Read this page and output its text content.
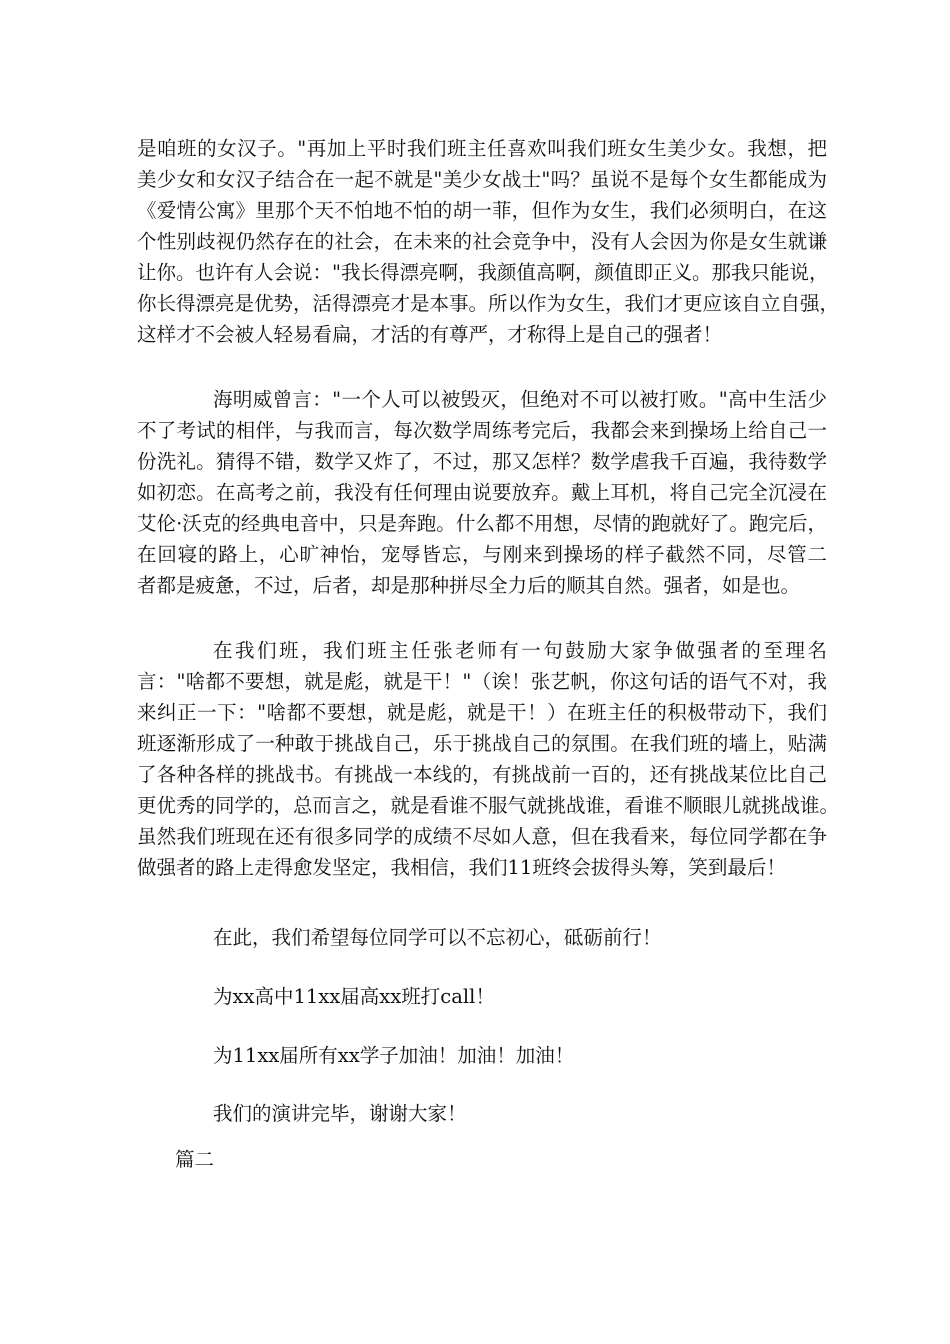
是咱班的女汉子。"再加上平时我们班主任喜欢叫我们班女生美少女。我想，把
美少女和女汉子结合在一起不就是"美少女战士"吗？虽说不是每个女生都能成为
《爱情公寓》里那个天不怕地不怕的胡一菲，但作为女生，我们必须明白，在这
个性别歧视仍然存在的社会，在未来的社会竞争中，没有人会因为你是女生就谦
让你。也许有人会说："我长得漂亮啊，我颜值高啊，颜值即正义。那我只能说，
你长得漂亮是优势，活得漂亮才是本事。所以作为女生，我们才更应该自立自强，
这样才不会被人轻易看扁，才活的有尊严，才称得上是自己的强者！
海明威曾言："一个人可以被毁灭，但绝对不可以被打败。"高中生活少
不了考试的相伴，与我而言，每次数学周练考完后，我都会来到操场上给自己一
份洗礼。猜得不错，数学又炸了，不过，那又怎样？数学虐我千百遍，我待数学
如初恋。在高考之前，我没有任何理由说要放弃。戴上耳机，将自己完全沉浸在
艾伦·沃克的经典电音中，只是奔跑。什么都不用想，尽情的跑就好了。跑完后，
在回寝的路上，心旷神怡，宠辱皆忘，与刚来到操场的样子截然不同，尽管二
者都是疲惫，不过，后者，却是那种拼尽全力后的顺其自然。强者，如是也。
在我们班，我们班主任张老师有一句鼓励大家争做强者的至理名
言："啥都不要想，就是彪，就是干！"（诶！张艺帆，你这句话的语气不对，我
来纠正一下："啥都不要想，就是彪，就是干！）在班主任的积极带动下，我们
班逐渐形成了一种敢于挑战自己，乐于挑战自己的氛围。在我们班的墙上，贴满
了各种各样的挑战书。有挑战一本线的，有挑战前一百的，还有挑战某位比自己
更优秀的同学的，总而言之，就是看谁不服气就挑战谁，看谁不顺眼儿就挑战谁。
虽然我们班现在还有很多同学的成绩不尽如人意，但在我看来，每位同学都在争
做强者的路上走得愈发坚定，我相信，我们11班终会拔得头筹，笑到最后！

在此，我们希望每位同学可以不忘初心，砥砺前行！

为xx高中11xx届高xx班打call！

为11xx届所有xx学子加油！加油！加油！

我们的演讲完毕，谢谢大家！

篇二
